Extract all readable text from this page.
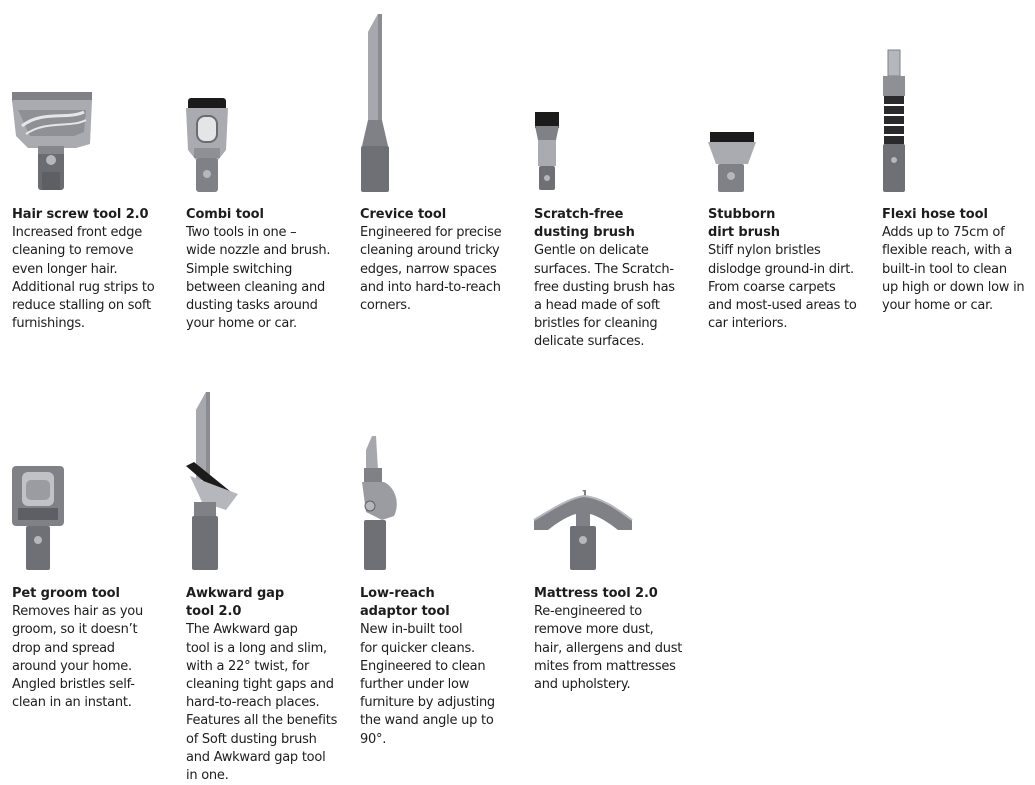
Hair screw tool 2.0

Increased front edge
cleaning to remove
even longer hair.
Additional rug strips to
reduce stalling on soft
furnishings.

Combi tool

Two tools in one –
wide nozzle and brush.
Simple switching
between cleaning and
dusting tasks around
your home or car.

Crevice tool

Engineered for precise
cleaning around tricky
edges, narrow spaces
and into hard-to-reach
corners.

Scratch-free
dusting brush

Gentle on delicate
surfaces. The Scratch-
free dusting brush has
a head made of soft
bristles for cleaning
delicate surfaces.

Stubborn
dirt brush

Stiff nylon bristles
dislodge ground-in dirt.
From coarse carpets
and most-used areas to
car interiors.

Flexi hose tool

Adds up to 75cm of
flexible reach, with a
built-in tool to clean
up high or down low in
your home or car.

Pet groom tool

Removes hair as you
groom, so it doesn’t
drop and spread
around your home.
Angled bristles self-
clean in an instant.

Awkward gap
tool 2.0

The Awkward gap
tool is a long and slim,
with a 22° twist, for
cleaning tight gaps and
hard-to-reach places.
Features all the benefits
of Soft dusting brush
and Awkward gap tool
in one.

Low-reach
adaptor tool

New in-built tool
for quicker cleans.
Engineered to clean
further under low
furniture by adjusting
the wand angle up to
90°.

Mattress tool 2.0

Re-engineered to
remove more dust,
hair, allergens and dust
mites from mattresses
and upholstery.
